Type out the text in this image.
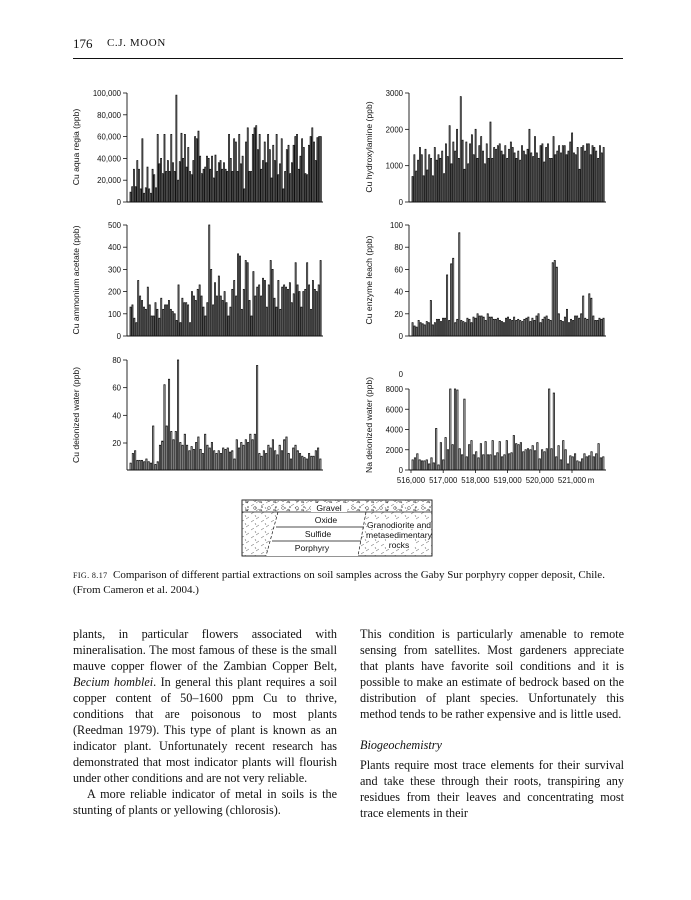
176 C.J. MOON
0
20,000
40,000
60,000
80,000
100,000
Cu aqua regia (ppb)
0
1000
2000
3000
Cu hydroxylamine (ppb)
0
100
200
300
400
500
Cu ammonium acetate (ppb)
0
20
40
60
80
100
Cu enzyme leach (ppb)
20
40
60
80
Cu deionized water (ppb)
0
2000
4000
6000
8000
0
Na deionized water (ppb)
516,000 517,000 518,000 519,000 520,000 521,000 m
Gravel
Oxide
Sulfide
Porphyry
Granodiorite and
metasedimentary
rocks
FIG. 8.17 Comparison of different partial extractions on soil samples across the Gaby Sur porphyry copper deposit, Chile. (From Cameron et al. 2004.)

plants, in particular flowers associated with mineralisation. The most famous of these is the small mauve copper flower of the Zambian Copper Belt, Becium homblei. In general this plant requires a soil copper content of 50–1600 ppm Cu to thrive, conditions that are poisonous to most plants (Reedman 1979). This type of plant is known as an indicator plant. Unfortunately recent research has demonstrated that most indicator plants will flourish under other conditions and are not very reliable.

A more reliable indicator of metal in soils is the stunting of plants or yellowing (chlorosis).

This condition is particularly amenable to remote sensing from satellites. Most gardeners appreciate that plants have favorite soil conditions and it is possible to make an estimate of bedrock based on the distribution of plant species. Unfortunately this method tends to be rather expensive and is little used.

Biogeochemistry

Plants require most trace elements for their survival and take these through their roots, transpiring any residues from their leaves and concentrating most trace elements in their
